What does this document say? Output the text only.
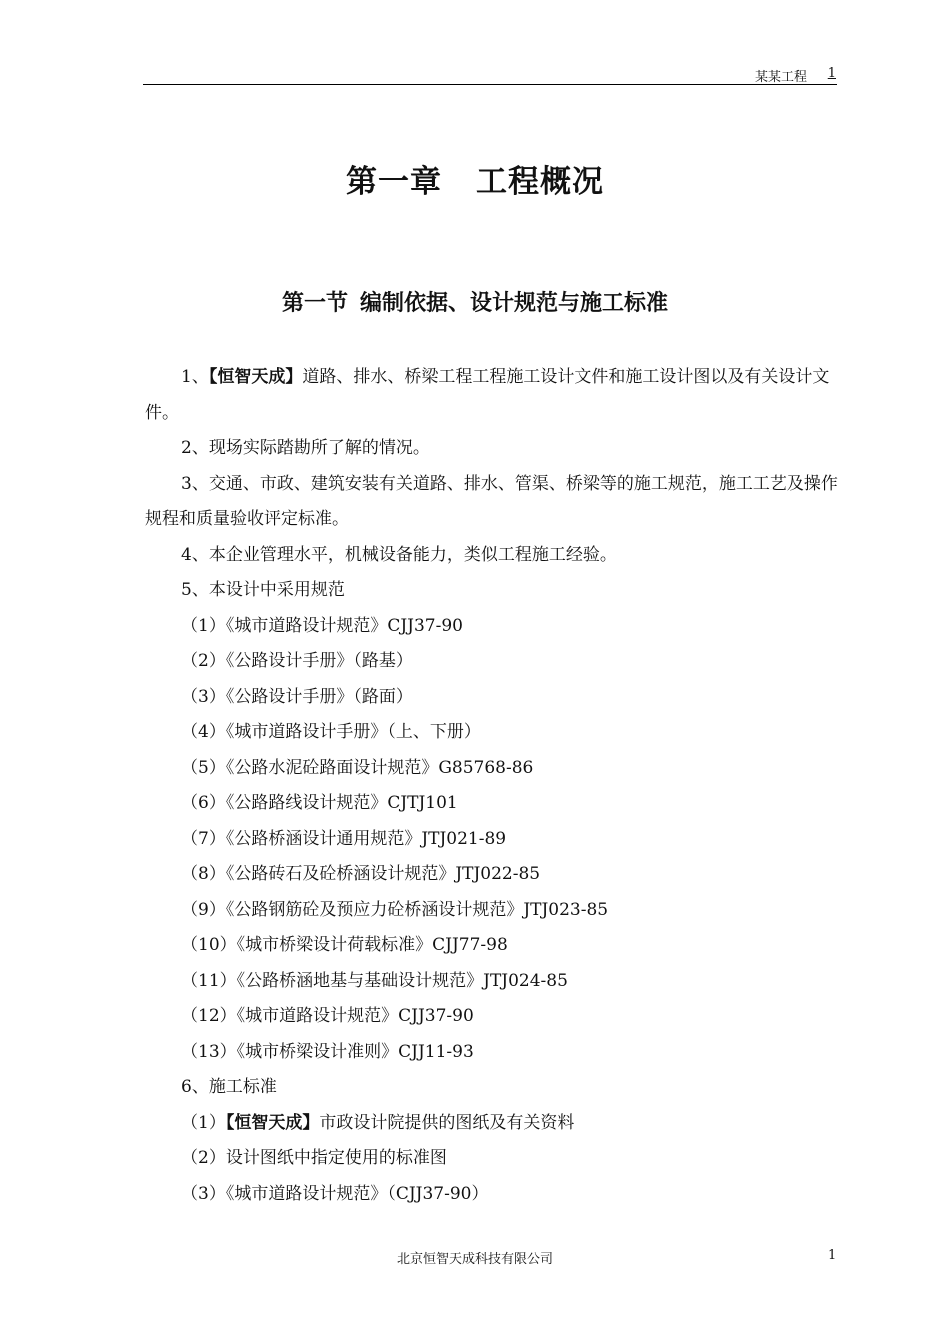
某某工程 1
第一章 工程概况
第一节 编制依据、设计规范与施工标准

1、【恒智天成】道路、排水、桥梁工程工程施工设计文件和施工设计图以及有关设计文件。

2、现场实际踏勘所了解的情况。

3、交通、市政、建筑安装有关道路、排水、管渠、桥梁等的施工规范，施工工艺及操作规程和质量验收评定标准。

4、本企业管理水平，机械设备能力，类似工程施工经验。

5、本设计中采用规范

（1）《城市道路设计规范》CJJ37-90

（2）《公路设计手册》（路基）

（3）《公路设计手册》（路面）

（4）《城市道路设计手册》（上、下册）

（5）《公路水泥砼路面设计规范》G85768-86

（6）《公路路线设计规范》CJTJ101

（7）《公路桥涵设计通用规范》JTJ021-89

（8）《公路砖石及砼桥涵设计规范》JTJ022-85

（9）《公路钢筋砼及预应力砼桥涵设计规范》JTJ023-85

（10）《城市桥梁设计荷载标准》CJJ77-98

（11）《公路桥涵地基与基础设计规范》JTJ024-85

（12）《城市道路设计规范》CJJ37-90

（13）《城市桥梁设计准则》CJJ11-93

6、施工标准

（1）【恒智天成】市政设计院提供的图纸及有关资料

（2）设计图纸中指定使用的标准图

（3）《城市道路设计规范》（CJJ37-90）

北京恒智天成科技有限公司	1
